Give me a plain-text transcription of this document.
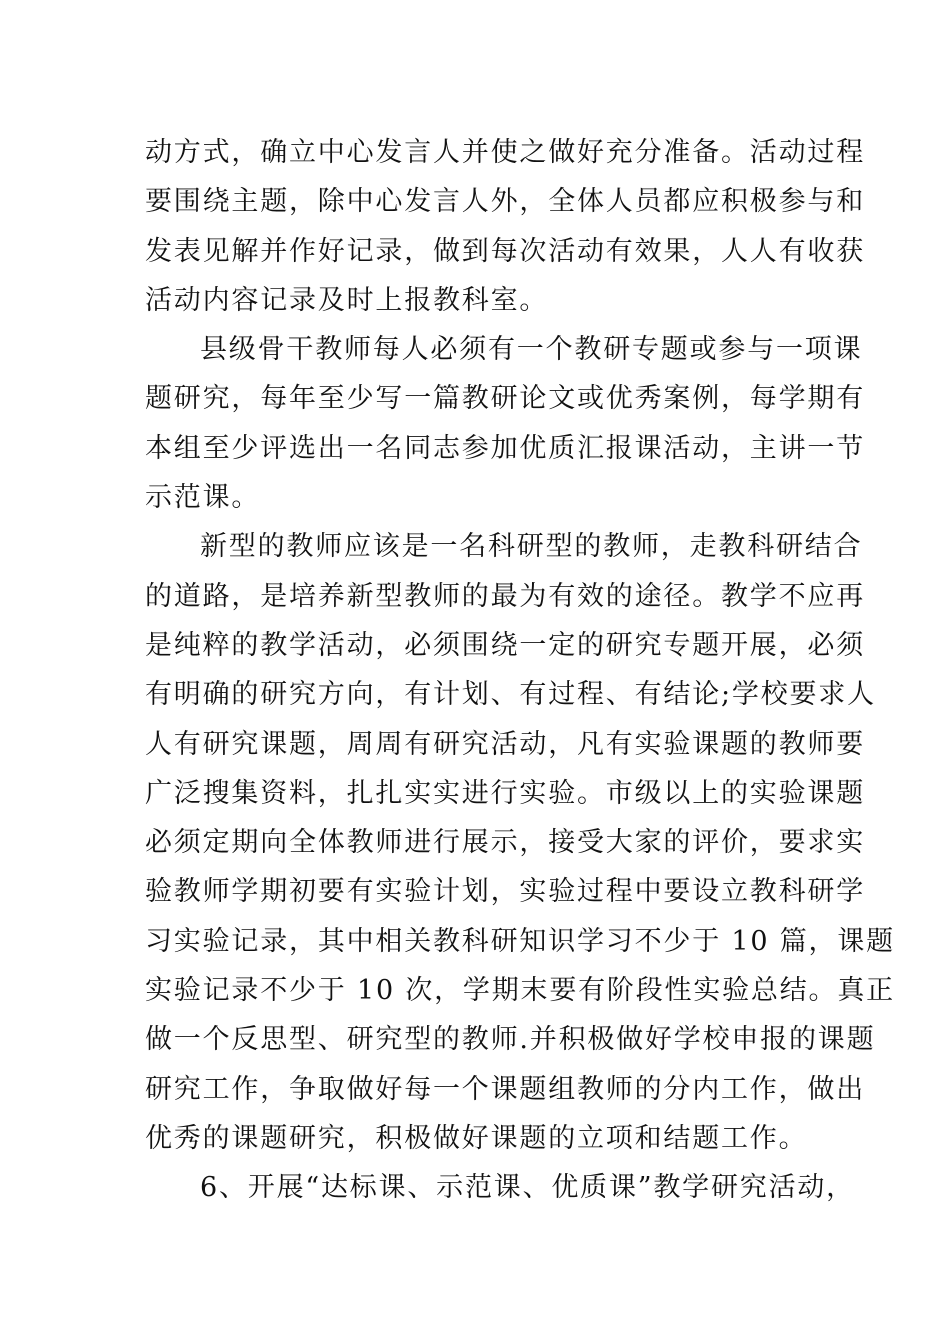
动方式，确立中心发言人并使之做好充分准备。活动过程
要围绕主题，除中心发言人外，全体人员都应积极参与和
发表见解并作好记录，做到每次活动有效果，人人有收获
活动内容记录及时上报教科室。
县级骨干教师每人必须有一个教研专题或参与一项课
题研究，每年至少写一篇教研论文或优秀案例，每学期有
本组至少评选出一名同志参加优质汇报课活动，主讲一节
示范课。
新型的教师应该是一名科研型的教师，走教科研结合
的道路，是培养新型教师的最为有效的途径。教学不应再
是纯粹的教学活动，必须围绕一定的研究专题开展，必须
有明确的研究方向，有计划、有过程、有结论;学校要求人
人有研究课题，周周有研究活动，凡有实验课题的教师要
广泛搜集资料，扎扎实实进行实验。市级以上的实验课题
必须定期向全体教师进行展示，接受大家的评价，要求实
验教师学期初要有实验计划，实验过程中要设立教科研学
习实验记录，其中相关教科研知识学习不少于 10 篇，课题
实验记录不少于 10 次，学期末要有阶段性实验总结。真正
做一个反思型、研究型的教师.并积极做好学校申报的课题
研究工作，争取做好每一个课题组教师的分内工作，做出
优秀的课题研究，积极做好课题的立项和结题工作。
6、开展“达标课、示范课、优质课”教学研究活动，
